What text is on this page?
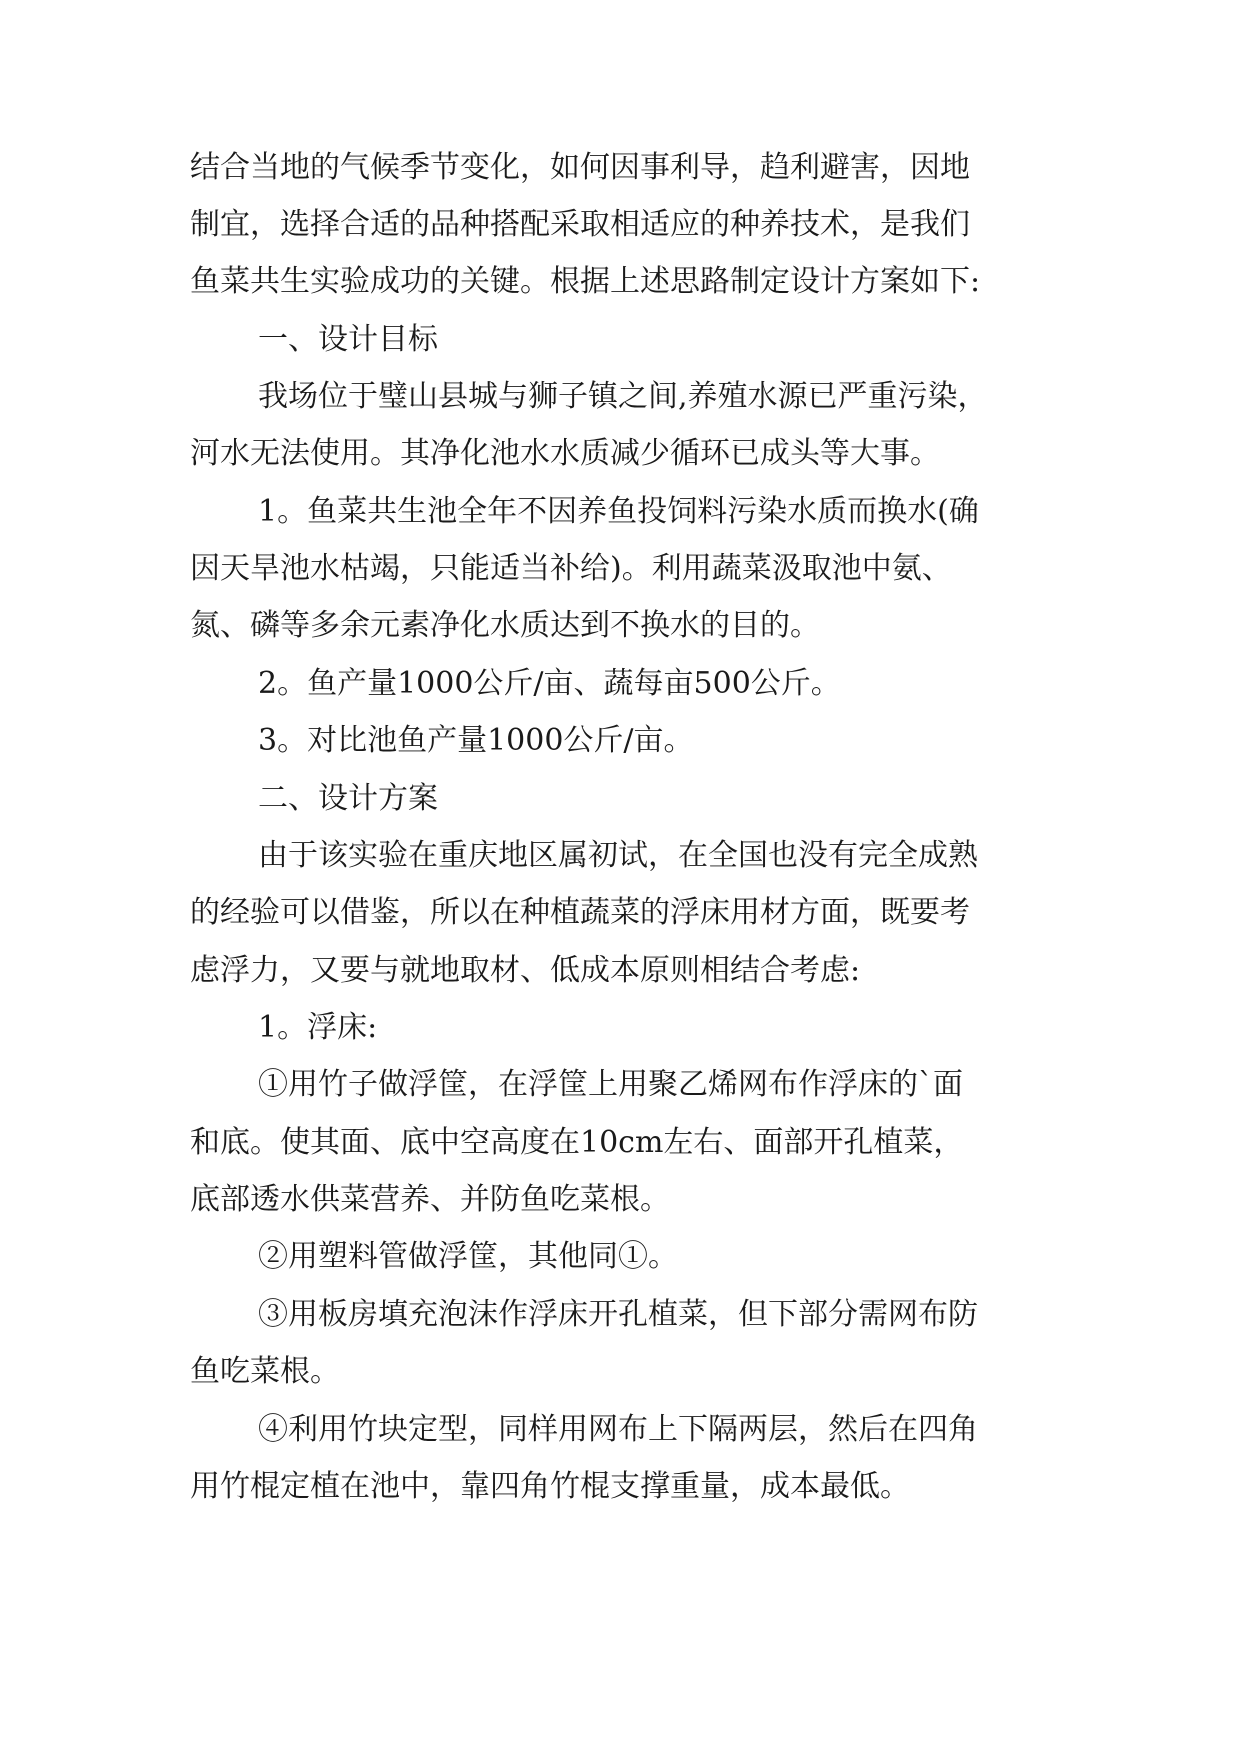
结合当地的气候季节变化，如何因事利导，趋利避害，因地
制宜，选择合适的品种搭配采取相适应的种养技术，是我们
鱼菜共生实验成功的关键。根据上述思路制定设计方案如下:
一、设计目标
我场位于璧山县城与狮子镇之间,养殖水源已严重污染，
河水无法使用。其净化池水水质减少循环已成头等大事。
1。鱼菜共生池全年不因养鱼投饲料污染水质而换水(确
因天旱池水枯竭，只能适当补给)。利用蔬菜汲取池中氨、
氮、磷等多余元素净化水质达到不换水的目的。
2。鱼产量1000公斤/亩、蔬每亩500公斤。
3。对比池鱼产量1000公斤/亩。
二、设计方案
由于该实验在重庆地区属初试，在全国也没有完全成熟
的经验可以借鉴，所以在种植蔬菜的浮床用材方面，既要考
虑浮力，又要与就地取材、低成本原则相结合考虑:
1。浮床:
①用竹子做浮筐，在浮筐上用聚乙烯网布作浮床的`面
和底。使其面、底中空高度在10cm左右、面部开孔植菜，
底部透水供菜营养、并防鱼吃菜根。
②用塑料管做浮筐，其他同①。
③用板房填充泡沫作浮床开孔植菜，但下部分需网布防
鱼吃菜根。
④利用竹块定型，同样用网布上下隔两层，然后在四角
用竹棍定植在池中，靠四角竹棍支撑重量，成本最低。
